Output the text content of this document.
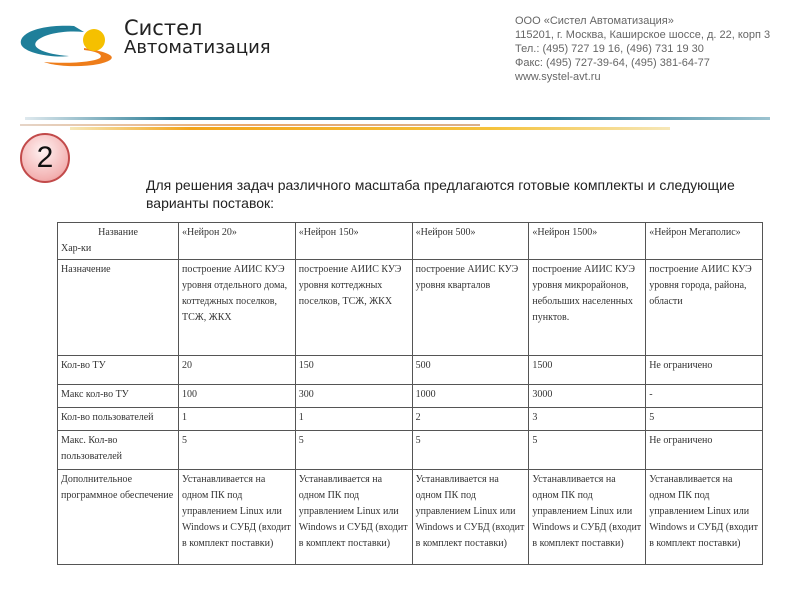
Систел
Автоматизация
ООО «Систел Автоматизация»
115201, г. Москва, Каширское шоссе, д. 22, корп 3
Тел.: (495) 727 19 16, (496) 731 19 30
Факс: (495) 727-39-64, (495) 381-64-77
www.systel-avt.ru
2
Для решения задач различного масштаба предлагаются готовые комплекты и следующие варианты поставок:
Название
Хар-ки	«Нейрон 20»	«Нейрон 150»	«Нейрон 500»	«Нейрон 1500»	«Нейрон Мегаполис»
Назначение	построение АИИС КУЭ уровня отдельного дома, коттеджных поселков, ТСЖ, ЖКХ	построение АИИС КУЭ уровня коттеджных поселков, ТСЖ, ЖКХ	построение АИИС КУЭ уровня кварталов	построение АИИС КУЭ уровня микрорайонов, небольших населенных пунктов.	построение АИИС КУЭ уровня города, района, области
Кол-во ТУ	20	150	500	1500	Не ограничено
Макс кол-во ТУ	100	300	1000	3000	-
Кол-во пользователей	1	1	2	3	5
Макс. Кол-во пользователей	5	5	5	5	Не ограничено
Дополнительное программное обеспечение	Устанавливается на одном ПК под управлением Linux или Windows и СУБД (входит в комплект поставки)	Устанавливается на одном ПК под управлением Linux или Windows и СУБД (входит в комплект поставки)	Устанавливается на одном ПК под управлением Linux или Windows и СУБД (входит в комплект поставки)	Устанавливается на одном ПК под управлением Linux или Windows и СУБД (входит в комплект поставки)	Устанавливается на одном ПК под управлением Linux или Windows и СУБД (входит в комплект поставки)
